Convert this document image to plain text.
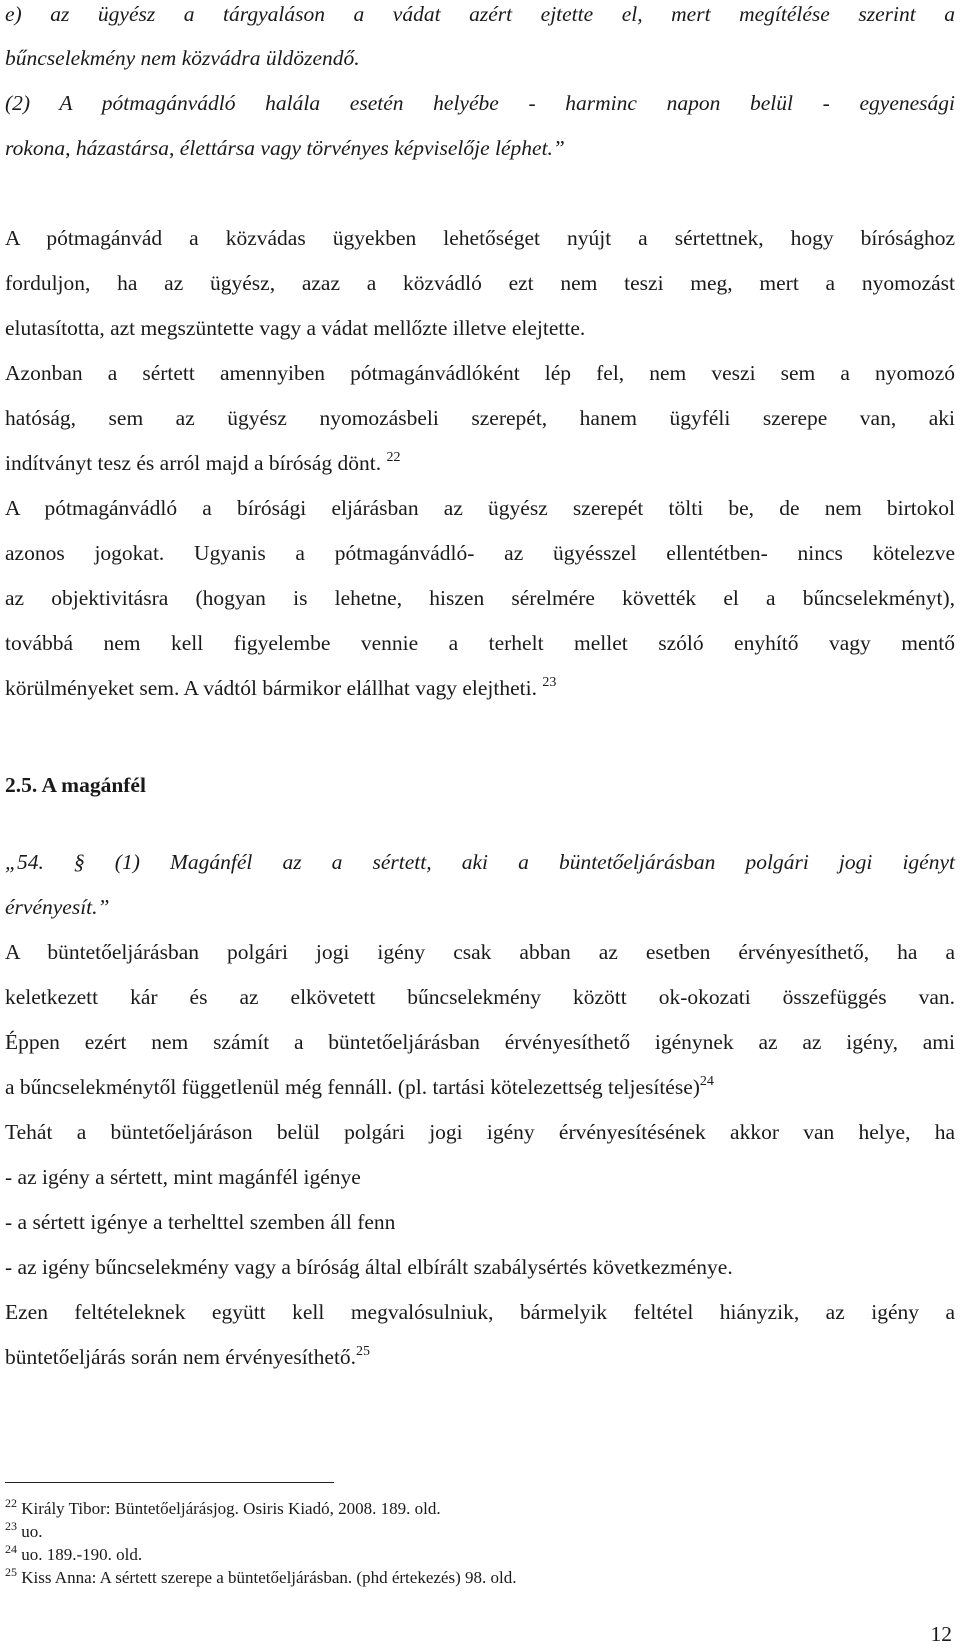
e) az ügyész a tárgyaláson a vádat azért ejtette el, mert megítélése szerint a
bűncselekmény nem közvádra üldözendő.
(2) A pótmagánvádló halála esetén helyébe - harminc napon belül - egyenesági
rokona, házastársa, élettársa vagy törvényes képviselője léphet.”
A pótmagánvád a közvádas ügyekben lehetőséget nyújt a sértettnek, hogy bírósághoz
forduljon, ha az ügyész, azaz a közvádló ezt nem teszi meg, mert a nyomozást
elutasította, azt megszüntette vagy a vádat mellőzte illetve elejtette.
Azonban a sértett amennyiben pótmagánvádlóként lép fel, nem veszi sem a nyomozó
hatóság, sem az ügyész nyomozásbeli szerepét, hanem ügyféli szerepe van, aki
indítványt tesz és arról majd a bíróság dönt. $^{22}$
A pótmagánvádló a bírósági eljárásban az ügyész szerepét tölti be, de nem birtokol
azonos jogokat. Ugyanis a pótmagánvádló- az ügyésszel ellentétben- nincs kötelezve
az objektivitásra (hogyan is lehetne, hiszen sérelmére követték el a bűncselekményt),
továbbá nem kell figyelembe vennie a terhelt mellet szóló enyhítő vagy mentő
körülményeket sem. A vádtól bármikor elállhat vagy elejtheti. $^{23}$
2.5. A magánfél
„54. § (1) Magánfél az a sértett, aki a büntetőeljárásban polgári jogi igényt
érvényesít.”
A büntetőeljárásban polgári jogi igény csak abban az esetben érvényesíthető, ha a
keletkezett kár és az elkövetett bűncselekmény között ok-okozati összefüggés van.
Éppen ezért nem számít a büntetőeljárásban érvényesíthető igénynek az az igény, ami
a bűncselekménytől függetlenül még fennáll. (pl. tartási kötelezettség teljesítése)$^{24}$
Tehát a büntetőeljáráson belül polgári jogi igény érvényesítésének akkor van helye, ha
- az igény a sértett, mint magánfél igénye
- a sértett igénye a terhelttel szemben áll fenn
- az igény bűncselekmény vagy a bíróság által elbírált szabálysértés következménye.
Ezen feltételeknek együtt kell megvalósulniuk, bármelyik feltétel hiányzik, az igény a
büntetőeljárás során nem érvényesíthető.$^{25}$
$^{22}$ Király Tibor: Büntetőeljárásjog. Osiris Kiadó, 2008. 189. old.
$^{23}$ uo.
$^{24}$ uo. 189.-190. old.
$^{25}$ Kiss Anna: A sértett szerepe a büntetőeljárásban. (phd értekezés) 98. old.
12
